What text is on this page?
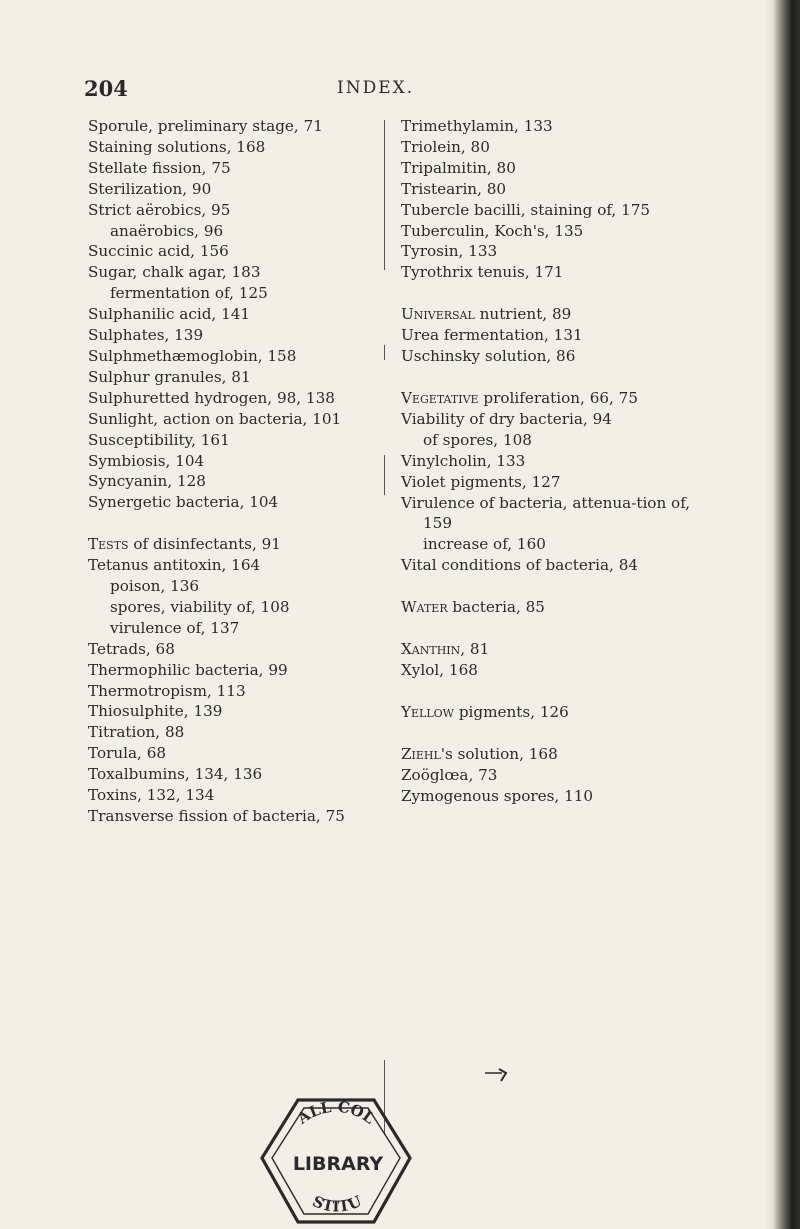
204	INDEX.
Sporule, preliminary stage, 71
Staining solutions, 168
Stellate fission, 75
Sterilization, 90
Strict aërobics, 95
anaërobics, 96
Succinic acid, 156
Sugar, chalk agar, 183
fermentation of, 125
Sulphanilic acid, 141
Sulphates, 139
Sulphmethæmoglobin, 158
Sulphur granules, 81
Sulphuretted hydrogen, 98, 138
Sunlight, action on bacteria, 101
Susceptibility, 161
Symbiosis, 104
Syncyanin, 128
Synergetic bacteria, 104
Tests of disinfectants, 91
Tetanus antitoxin, 164
poison, 136
spores, viability of, 108
virulence of, 137
Tetrads, 68
Thermophilic bacteria, 99
Thermotropism, 113
Thiosulphite, 139
Titration, 88
Torula, 68
Toxalbumins, 134, 136
Toxins, 132, 134
Transverse fission of bacteria, 75
Trimethylamin, 133
Triolein, 80
Tripalmitin, 80
Tristearin, 80
Tubercle bacilli, staining of, 175
Tuberculin, Koch's, 135
Tyrosin, 133
Tyrothrix tenuis, 171
Universal nutrient, 89
Urea fermentation, 131
Uschinsky solution, 86
Vegetative proliferation, 66, 75
Viability of dry bacteria, 94
of spores, 108
Vinylcholin, 133
Violet pigments, 127
Virulence of bacteria, attenua-tion of, 159
increase of, 160
Vital conditions of bacteria, 84
Water bacteria, 85
Xanthin, 81
Xylol, 168
Yellow pigments, 126
Ziehl's solution, 168
Zoöglœa, 73
Zymogenous spores, 110
ALL COL
LIBRARY
STITU
